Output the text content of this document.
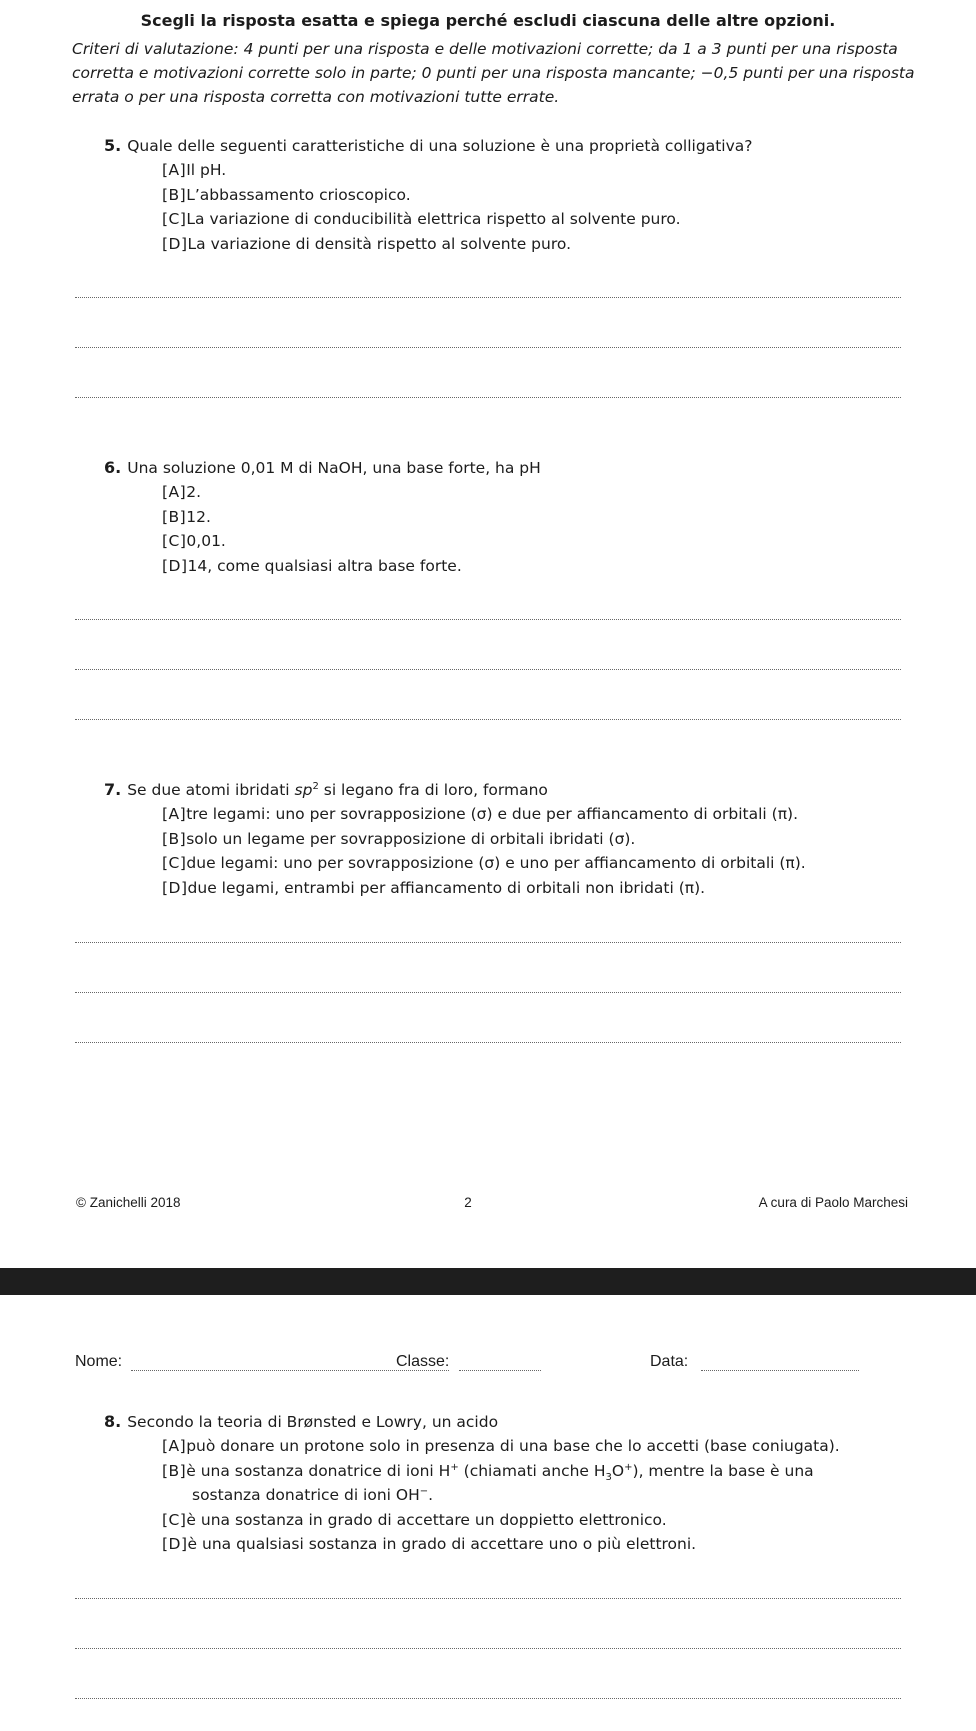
Scegli la risposta esatta e spiega perché escludi ciascuna delle altre opzioni.

Criteri di valutazione: 4 punti per una risposta e delle motivazioni corrette; da 1 a 3 punti per una risposta corretta e motivazioni corrette solo in parte; 0 punti per una risposta mancante; −0,5 punti per una risposta errata o per una risposta corretta con motivazioni tutte errate.

5. Quale delle seguenti caratteristiche di una soluzione è una proprietà colligativa?
[A]Il pH.
[B]L’abbassamento crioscopico.
[C]La variazione di conducibilità elettrica rispetto al solvente puro.
[D]La variazione di densità rispetto al solvente puro.
6. Una soluzione 0,01 M di NaOH, una base forte, ha pH
[A]2.
[B]12.
[C]0,01.
[D]14, come qualsiasi altra base forte.
7. Se due atomi ibridati $sp^2$ si legano fra di loro, formano
[A]tre legami: uno per sovrapposizione (σ) e due per affiancamento di orbitali (π).
[B]solo un legame per sovrapposizione di orbitali ibridati (σ).
[C]due legami: uno per sovrapposizione (σ) e uno per affiancamento di orbitali (π).
[D]due legami, entrambi per affiancamento di orbitali non ibridati (π).
© Zanichelli 2018	2	A cura di Paolo Marchesi
Nome:	Classe:	Data:
8. Secondo la teoria di Brønsted e Lowry, un acido
[A]può donare un protone solo in presenza di una base che lo accetti (base coniugata).
[B]è una sostanza donatrice di ioni H+ (chiamati anche $H_3O^+$), mentre la base è una
sostanza donatrice di ioni OH−.
[C]è una sostanza in grado di accettare un doppietto elettronico.
[D]è una qualsiasi sostanza in grado di accettare uno o più elettroni.
